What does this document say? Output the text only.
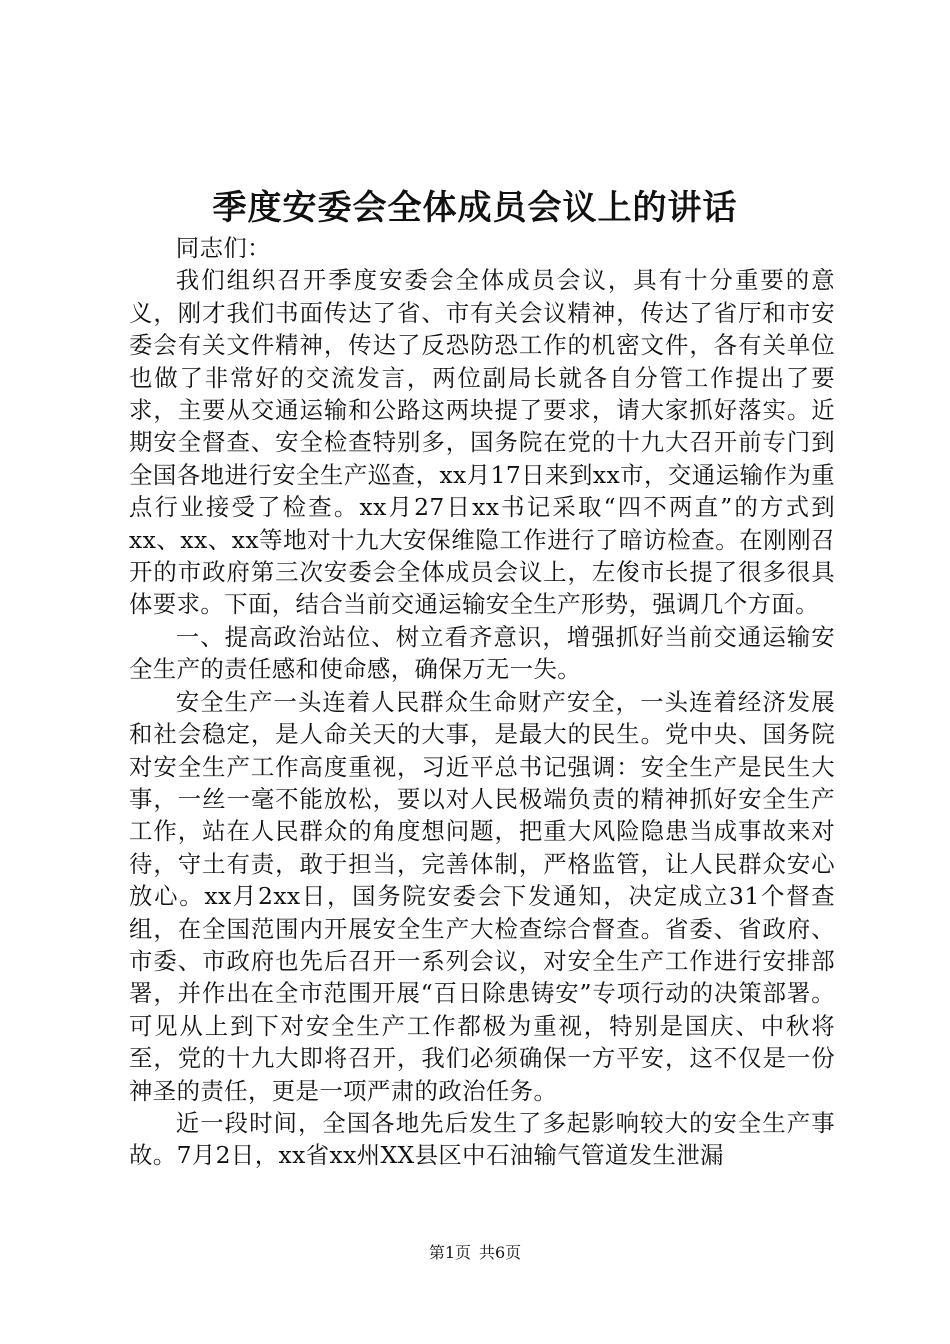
季度安委会全体成员会议上的讲话

同志们：

我们组织召开季度安委会全体成员会议，具有十分重要的意义，刚才我们书面传达了省、市有关会议精神，传达了省厅和市安委会有关文件精神，传达了反恐防恐工作的机密文件，各有关单位也做了非常好的交流发言，两位副局长就各自分管工作提出了要求，主要从交通运输和公路这两块提了要求，请大家抓好落实。近期安全督查、安全检查特别多，国务院在党的十九大召开前专门到全国各地进行安全生产巡查，xx月17日来到xx市，交通运输作为重点行业接受了检查。xx月27日xx书记采取“四不两直”的方式到xx、xx、xx等地对十九大安保维隐工作进行了暗访检查。在刚刚召开的市政府第三次安委会全体成员会议上，左俊市长提了很多很具体要求。下面，结合当前交通运输安全生产形势，强调几个方面。

一、提高政治站位、树立看齐意识，增强抓好当前交通运输安全生产的责任感和使命感，确保万无一失。

安全生产一头连着人民群众生命财产安全，一头连着经济发展和社会稳定，是人命关天的大事，是最大的民生。党中央、国务院对安全生产工作高度重视，习近平总书记强调：安全生产是民生大事，一丝一毫不能放松，要以对人民极端负责的精神抓好安全生产工作，站在人民群众的角度想问题，把重大风险隐患当成事故来对待，守土有责，敢于担当，完善体制，严格监管，让人民群众安心放心。xx月2xx日，国务院安委会下发通知，决定成立31个督查组，在全国范围内开展安全生产大检查综合督查。省委、省政府、市委、市政府也先后召开一系列会议，对安全生产工作进行安排部署，并作出在全市范围开展“百日除患铸安”专项行动的决策部署。可见从上到下对安全生产工作都极为重视，特别是国庆、中秋将至，党的十九大即将召开，我们必须确保一方平安，这不仅是一份神圣的责任，更是一项严肃的政治任务。

近一段时间，全国各地先后发生了多起影响较大的安全生产事故。7月2日，xx省xx州XX县区中石油输气管道发生泄漏

第1页 共6页
